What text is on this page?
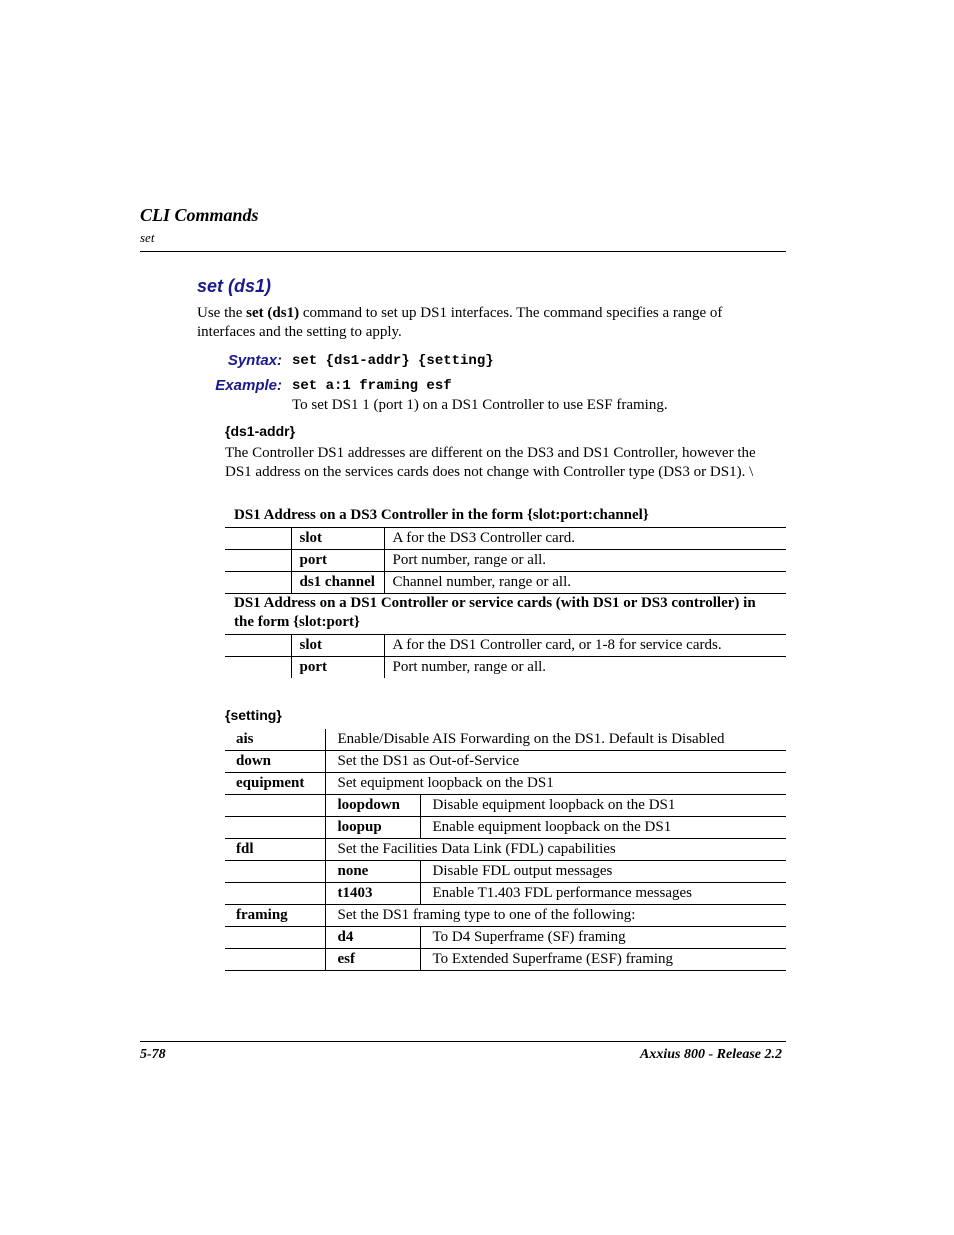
CLI Commands
set
set (ds1)
Use the set (ds1) command to set up DS1 interfaces. The command specifies a range of interfaces and the setting to apply.
Syntax: set {ds1-addr} {setting}
Example: set a:1 framing esf
To set DS1 1 (port 1) on a DS1 Controller to use ESF framing.
{ds1-addr}
The Controller DS1 addresses are different on the DS3 and DS1 Controller, however the DS1 address on the services cards does not change with Controller type (DS3 or DS1). \
DS1 Address on a DS3 Controller in the form {slot:port:channel}		
	slot	A for the DS3 Controller card.
	port	Port number, range or all.
	ds1 channel	Channel number, range or all.
DS1 Address on a DS1 Controller or service cards (with DS1 or DS3 controller) in the form {slot:port}		
	slot	A for the DS1 Controller card, or 1-8 for service cards.
	port	Port number, range or all.
{setting}
ais	Enable/Disable AIS Forwarding on the DS1. Default is Disabled	
down	Set the DS1 as Out-of-Service	
equipment	Set equipment loopback on the DS1	
	loopdown	Disable equipment loopback on the DS1
	loopup	Enable equipment loopback on the DS1
fdl	Set the Facilities Data Link (FDL) capabilities	
	none	Disable FDL output messages
	t1403	Enable T1.403 FDL performance messages
framing	Set the DS1 framing type to one of the following:	
	d4	To D4 Superframe (SF) framing
	esf	To Extended Superframe (ESF) framing
5-78	Axxius 800 - Release 2.2
